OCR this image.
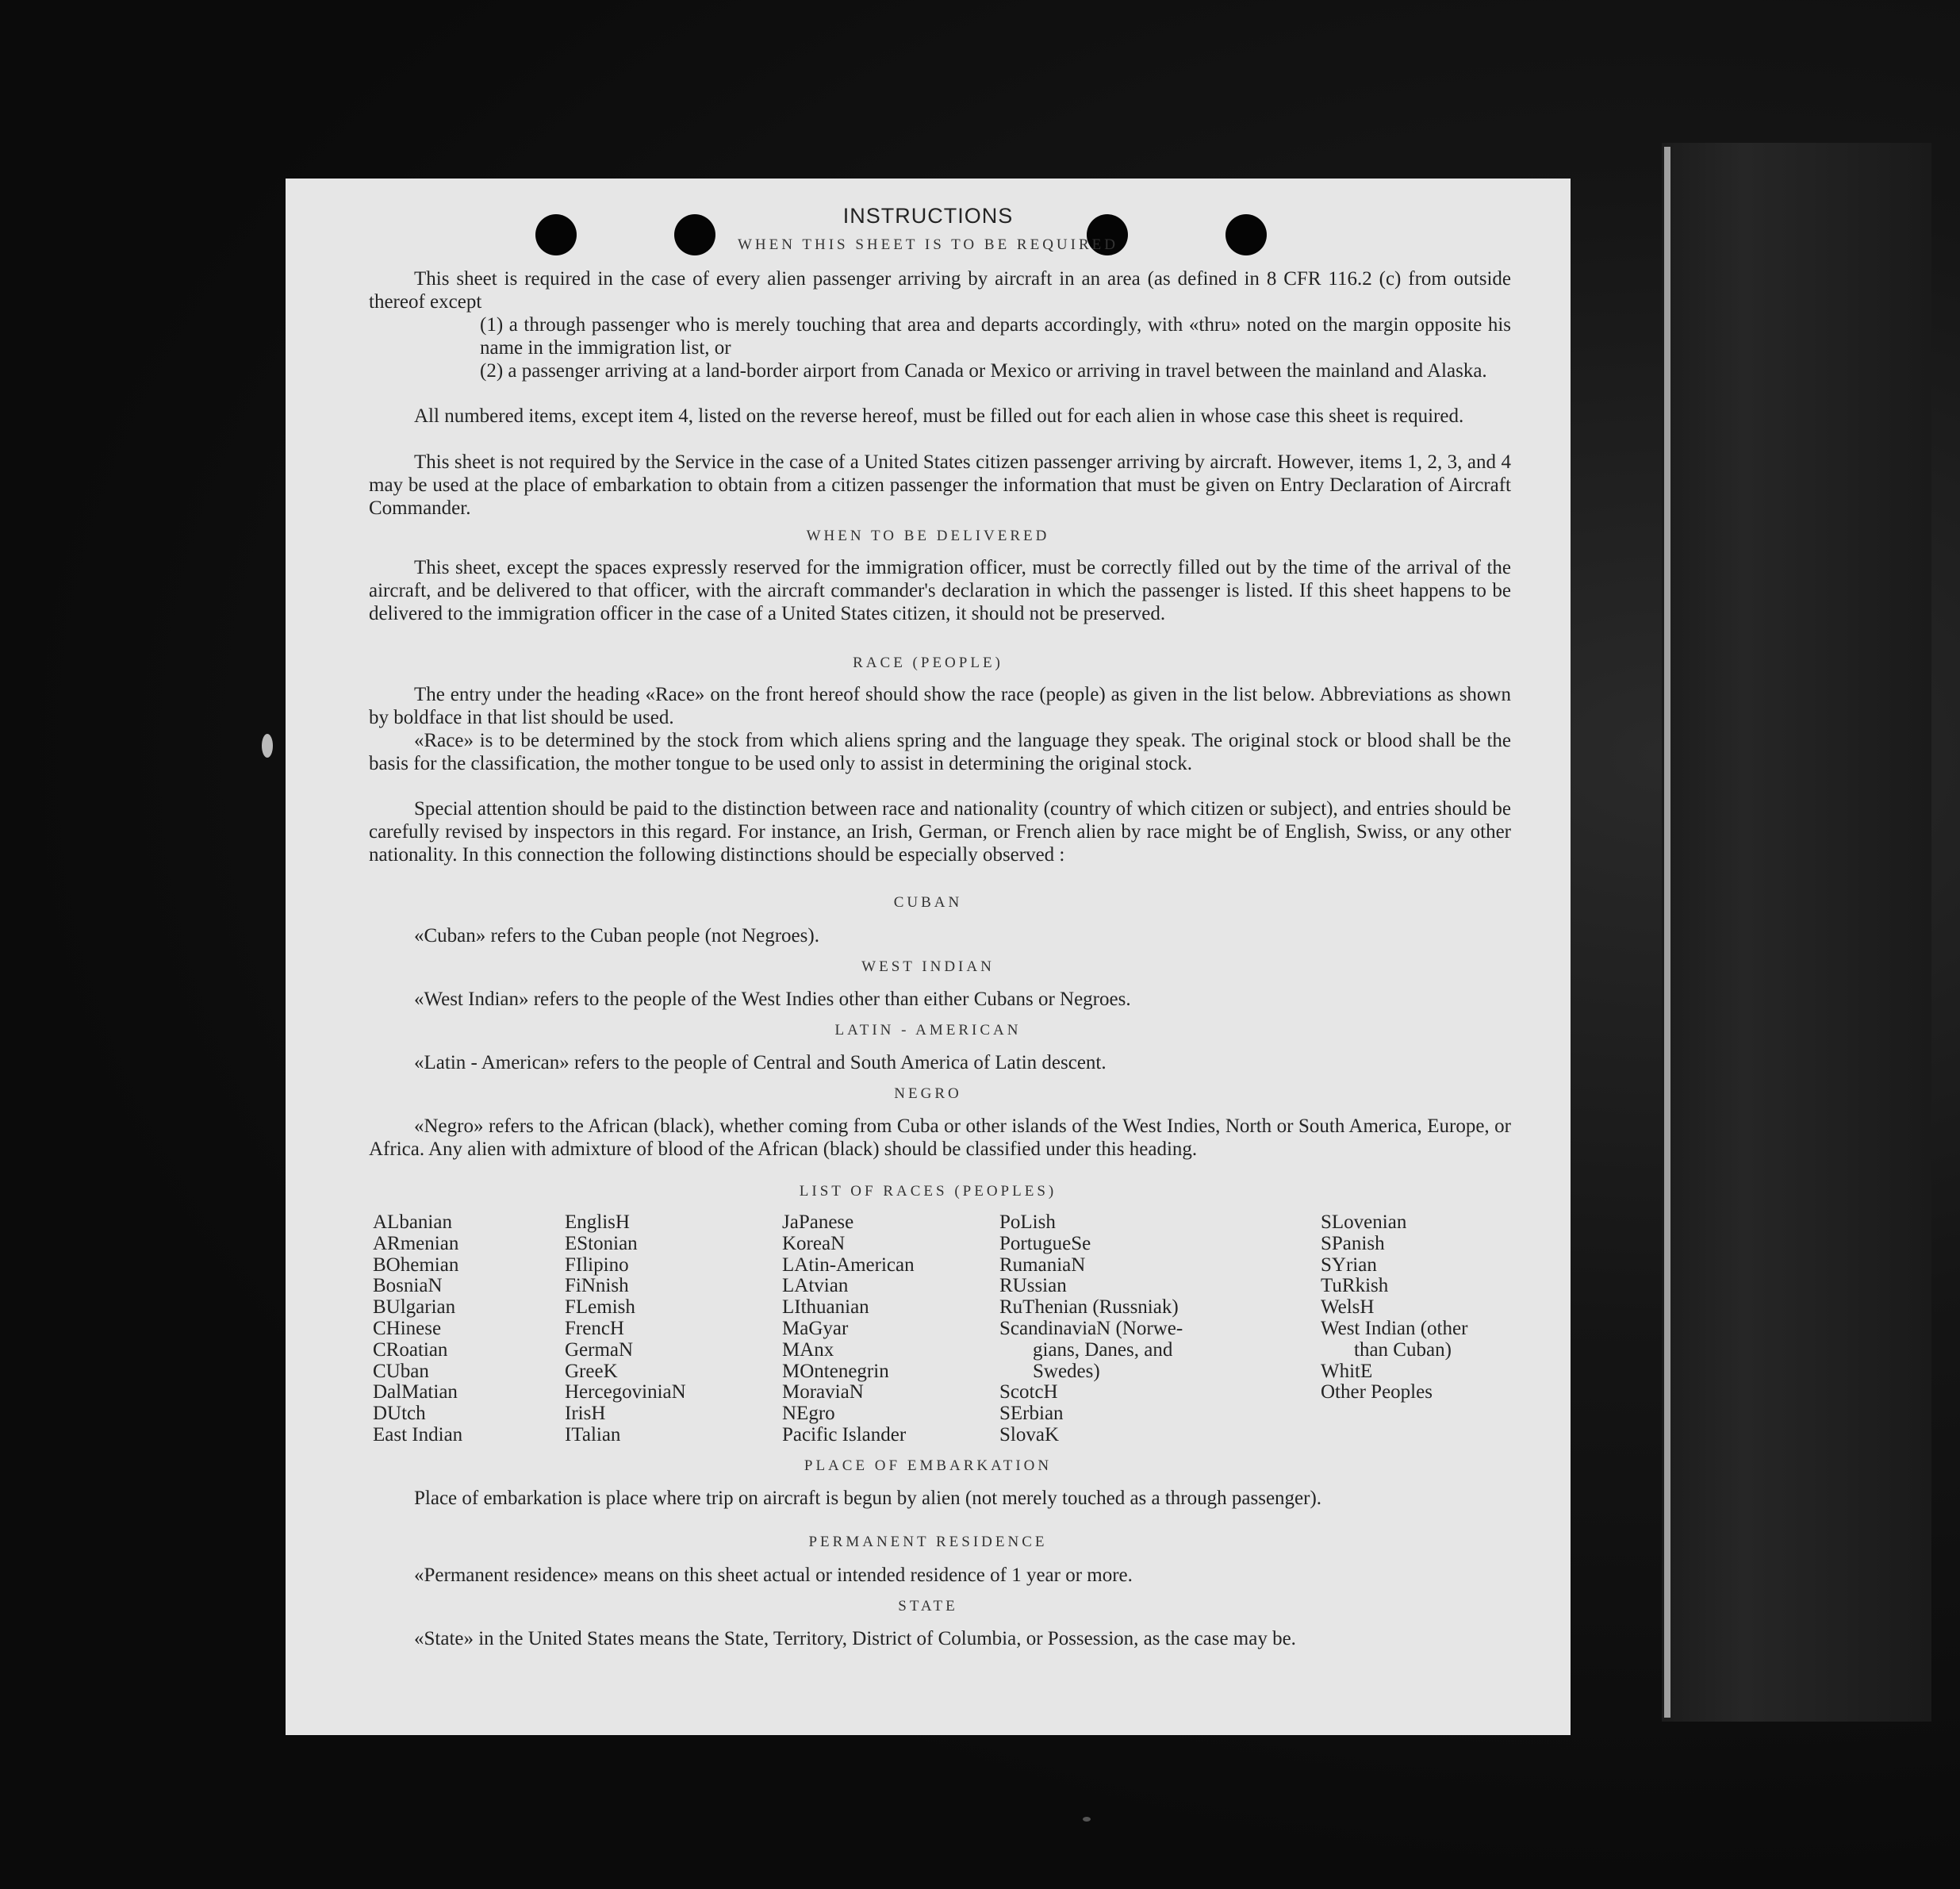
INSTRUCTIONS
WHEN THIS SHEET IS TO BE REQUIRED
This sheet is required in the case of every alien passenger arriving by aircraft in an area (as defined in 8 CFR 116.2 (c) from outside thereof except
(1) a through passenger who is merely touching that area and departs accordingly, with «thru» noted on the margin opposite his name in the immigration list, or
(2) a passenger arriving at a land-border airport from Canada or Mexico or arriving in travel between the mainland and Alaska.
All numbered items, except item 4, listed on the reverse hereof, must be filled out for each alien in whose case this sheet is required.
This sheet is not required by the Service in the case of a United States citizen passenger arriving by aircraft. However, items 1, 2, 3, and 4 may be used at the place of embarkation to obtain from a citizen passenger the information that must be given on Entry Declaration of Aircraft Commander.
WHEN TO BE DELIVERED
This sheet, except the spaces expressly reserved for the immigration officer, must be correctly filled out by the time of the arrival of the aircraft, and be delivered to that officer, with the aircraft commander's declaration in which the passenger is listed. If this sheet happens to be delivered to the immigration officer in the case of a United States citizen, it should not be preserved.
RACE (PEOPLE)
The entry under the heading «Race» on the front hereof should show the race (people) as given in the list below. Abbreviations as shown by boldface in that list should be used.
«Race» is to be determined by the stock from which aliens spring and the language they speak. The original stock or blood shall be the basis for the classification, the mother tongue to be used only to assist in determining the original stock.
Special attention should be paid to the distinction between race and nationality (country of which citizen or subject), and entries should be carefully revised by inspectors in this regard. For instance, an Irish, German, or French alien by race might be of English, Swiss, or any other nationality. In this connection the following distinctions should be especially observed :
CUBAN
«Cuban» refers to the Cuban people (not Negroes).
WEST INDIAN
«West Indian» refers to the people of the West Indies other than either Cubans or Negroes.
LATIN - AMERICAN
«Latin - American» refers to the people of Central and South America of Latin descent.
NEGRO
«Negro» refers to the African (black), whether coming from Cuba or other islands of the West Indies, North or South America, Europe, or Africa. Any alien with admixture of blood of the African (black) should be classified under this heading.
LIST OF RACES (PEOPLES)
ALbanian
ARmenian
BOhemian
BosniaN
BUlgarian
CHinese
CRoatian
CUban
DalMatian
DUtch
East Indian
EnglisH
EStonian
FIlipino
FiNnish
FLemish
FrencH
GermaN
GreeK
HercegoviniaN
IrisH
ITalian
JaPanese
KoreaN
LAtin-American
LAtvian
LIthuanian
MaGyar
MAnx
MOntenegrin
MoraviaN
NEgro
Pacific Islander
PoLish
PortugueSe
RumaniaN
RUssian
RuThenian (Russniak)
ScandinaviaN (Norwe-
gians, Danes, and
Swedes)
ScotcH
SErbian
SlovaK
SLovenian
SPanish
SYrian
TuRkish
WelsH
West Indian (other
than Cuban)
WhitE
Other Peoples
PLACE OF EMBARKATION
Place of embarkation is place where trip on aircraft is begun by alien (not merely touched as a through passenger).
PERMANENT RESIDENCE
«Permanent residence» means on this sheet actual or intended residence of 1 year or more.
STATE
«State» in the United States means the State, Territory, District of Columbia, or Possession, as the case may be.
